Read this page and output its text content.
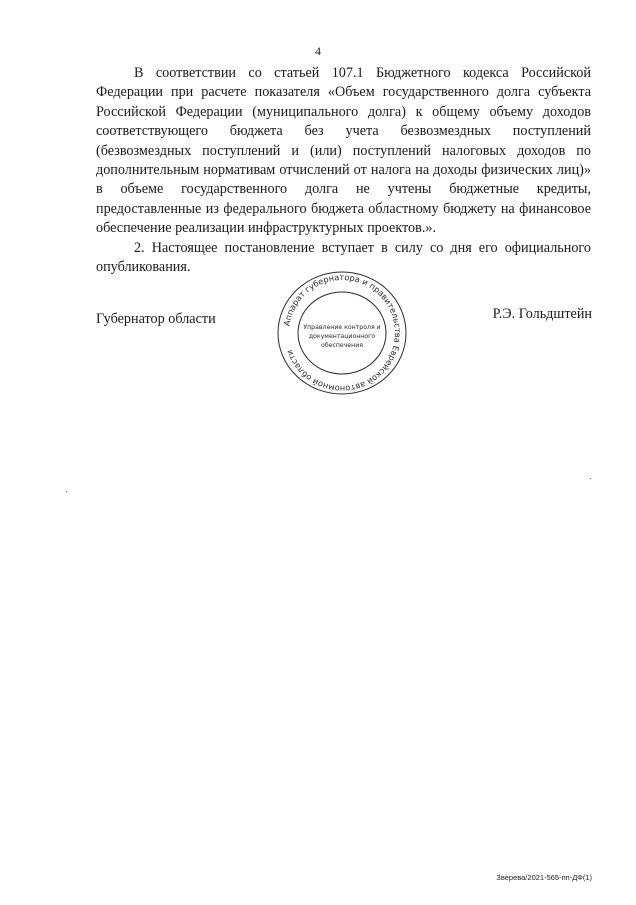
4

В соответствии со статьей 107.1 Бюджетного кодекса Российской Федерации при расчете показателя «Объем государственного долга субъекта Российской Федерации (муниципального долга) к общему объему доходов соответствующего бюджета без учета безвозмездных поступлений (безвозмездных поступлений и (или) поступлений налоговых доходов по дополнительным нормативам отчислений от налога на доходы физических лиц)» в объеме государственного долга не учтены бюджетные кредиты, предоставленные из федерального бюджета областному бюджету на финансовое обеспечение реализации инфраструктурных проектов.».

2. Настоящее постановление вступает в силу со дня его официального опубликования.

Губернатор области	Аппарат губернатора и правительства Еврейской автономной области
Управление контроля и
документационного
обеспечения
Р.Э. Гольдштейн
Зверева/2021-565-пп-ДФ(1)
